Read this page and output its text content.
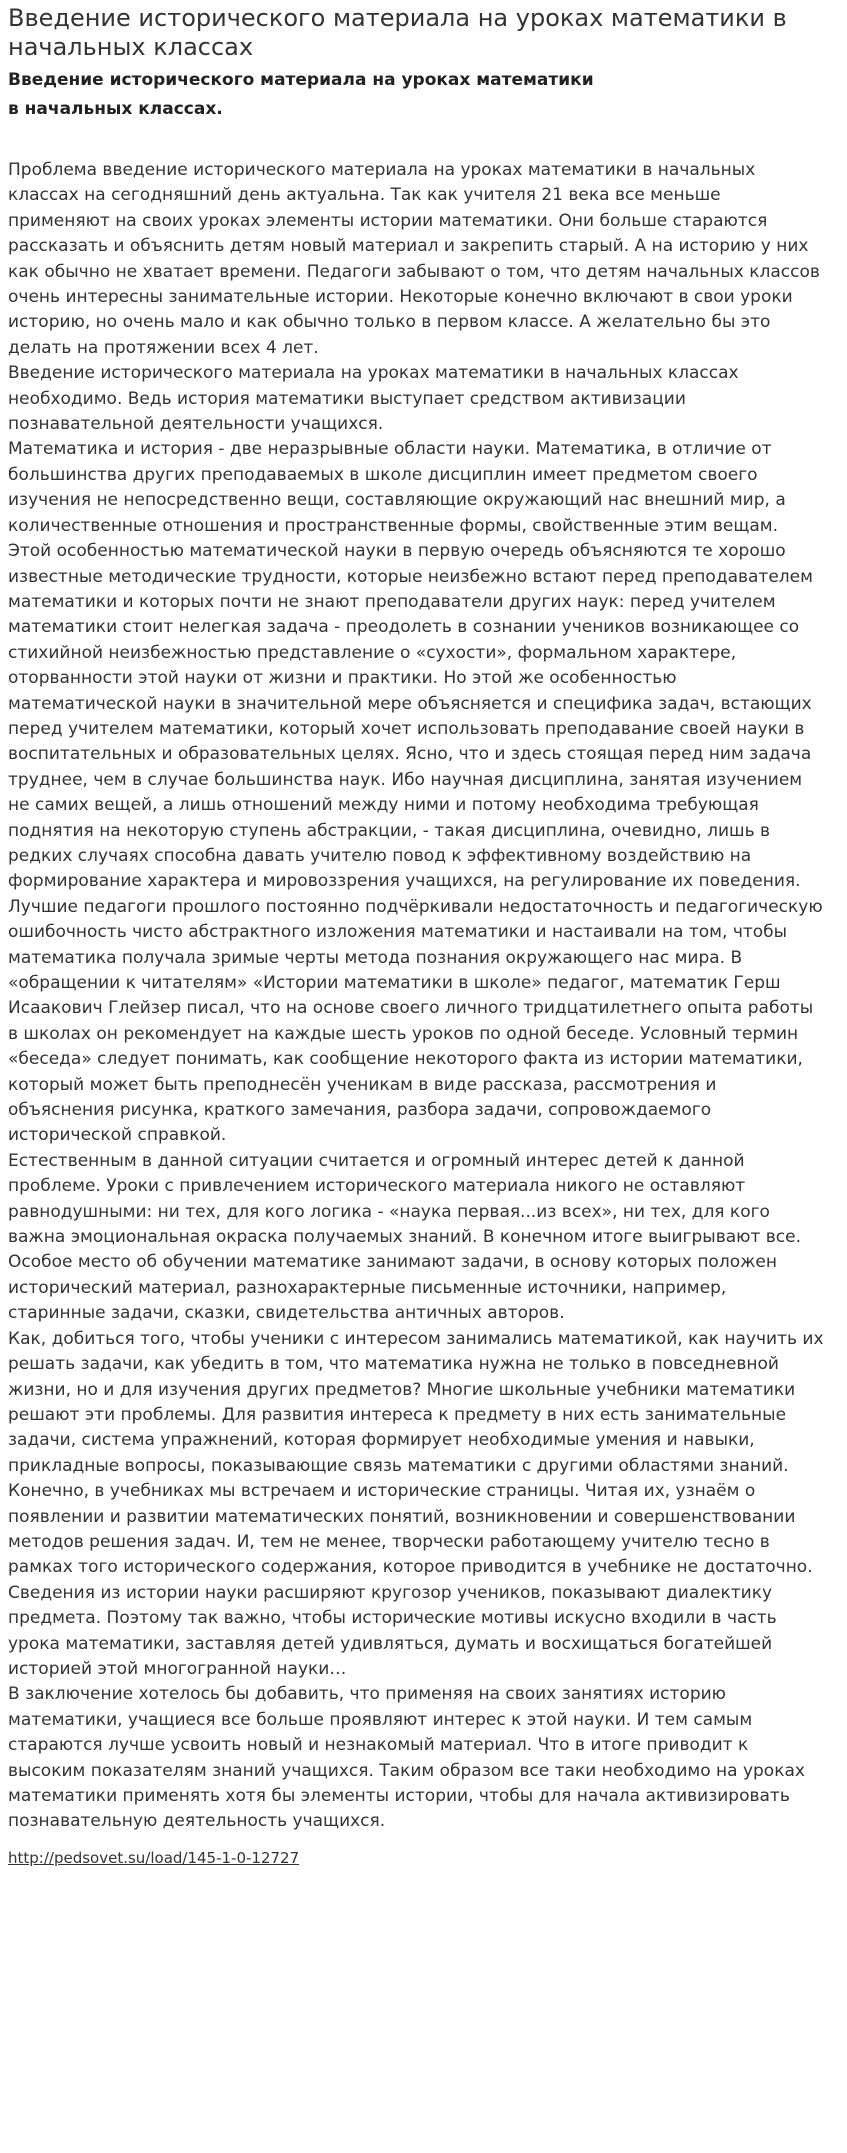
Введение исторического материала на уроках математики в начальных классах
Введение исторического материала на уроках математики
в начальных классах.

Проблема введение исторического материала на уроках математики в начальных классах на сегодняшний день актуальна. Так как учителя 21 века все меньше применяют на своих уроках элементы истории математики. Они больше стараются рассказать и объяснить детям новый материал и закрепить старый. А на историю у них как обычно не хватает времени. Педагоги забывают о том, что детям начальных классов очень интересны занимательные истории. Некоторые конечно включают в свои уроки историю, но очень мало и как обычно только в первом классе. А желательно бы это делать на протяжении всех 4 лет.

Введение исторического материала на уроках математики в начальных классах необходимо. Ведь история математики выступает средством активизации познавательной деятельности учащихся.

Математика и история - две неразрывные области науки. Математика, в отличие от большинства других преподаваемых в школе дисциплин имеет предметом своего изучения не непосредственно вещи, составляющие окружающий нас внешний мир, а количественные отношения и пространственные формы, свойственные этим вещам. Этой особенностью математической науки в первую очередь объясняются те хорошо известные методические трудности, которые неизбежно встают перед преподавателем математики и которых почти не знают преподаватели других наук: перед учителем математики стоит нелегкая задача - преодолеть в сознании учеников возникающее со стихийной неизбежностью представление о «сухости», формальном характере, оторванности этой науки от жизни и практики. Но этой же особенностью математической науки в значительной мере объясняется и специфика задач, встающих перед учителем математики, который хочет использовать преподавание своей науки в воспитательных и образовательных целях. Ясно, что и здесь стоящая перед ним задача труднее, чем в случае большинства наук. Ибо научная дисциплина, занятая изучением не самих вещей, а лишь отношений между ними и потому необходима требующая поднятия на некоторую ступень абстракции, - такая дисциплина, очевидно, лишь в редких случаях способна давать учителю повод к эффективному воздействию на формирование характера и мировоззрения учащихся, на регулирование их поведения.

Лучшие педагоги прошлого постоянно подчёркивали недостаточность и педагогическую ошибочность чисто абстрактного изложения математики и настаивали на том, чтобы математика получала зримые черты метода познания окружающего нас мира. В «обращении к читателям» «Истории математики в школе» педагог, математик Герш Исаакович Глейзер писал, что на основе своего личного тридцатилетнего опыта работы в школах он рекомендует на каждые шесть уроков по одной беседе. Условный термин «беседа» следует понимать, как сообщение некоторого факта из истории математики, который может быть преподнесён ученикам в виде рассказа, рассмотрения и объяснения рисунка, краткого замечания, разбора задачи, сопровождаемого исторической справкой.

Естественным в данной ситуации считается и огромный интерес детей к данной проблеме. Уроки с привлечением исторического материала никого не оставляют равнодушными: ни тех, для кого логика - «наука первая...из всех», ни тех, для кого важна эмоциональная окраска получаемых знаний. В конечном итоге выигрывают все. Особое место об обучении математике занимают задачи, в основу которых положен исторический материал, разнохарактерные письменные источники, например, старинные задачи, сказки, свидетельства античных авторов.

Как, добиться того, чтобы ученики с интересом занимались математикой, как научить их решать задачи, как убедить в том, что математика нужна не только в повседневной жизни, но и для изучения других предметов? Многие школьные учебники математики решают эти проблемы. Для развития интереса к предмету в них есть занимательные задачи, система упражнений, которая формирует необходимые умения и навыки, прикладные вопросы, показывающие связь математики с другими областями знаний. Конечно, в учебниках мы встречаем и исторические страницы. Читая их, узнаём о появлении и развитии математических понятий, возникновении и совершенствовании методов решения задач. И, тем не менее, творчески работающему учителю тесно в рамках того исторического содержания, которое приводится в учебнике не достаточно. Сведения из истории науки расширяют кругозор учеников, показывают диалектику предмета. Поэтому так важно, чтобы исторические мотивы искусно входили в часть урока математики, заставляя детей удивляться, думать и восхищаться богатейшей историей этой многогранной науки…

В заключение хотелось бы добавить, что применяя на своих занятиях историю математики, учащиеся все больше проявляют интерес к этой науки. И тем самым стараются лучше усвоить новый и незнакомый материал. Что в итоге приводит к высоким показателям знаний учащихся. Таким образом все таки необходимо на уроках математики применять хотя бы элементы истории, чтобы для начала активизировать познавательную деятельность учащихся.

http://pedsovet.su/load/145-1-0-12727
